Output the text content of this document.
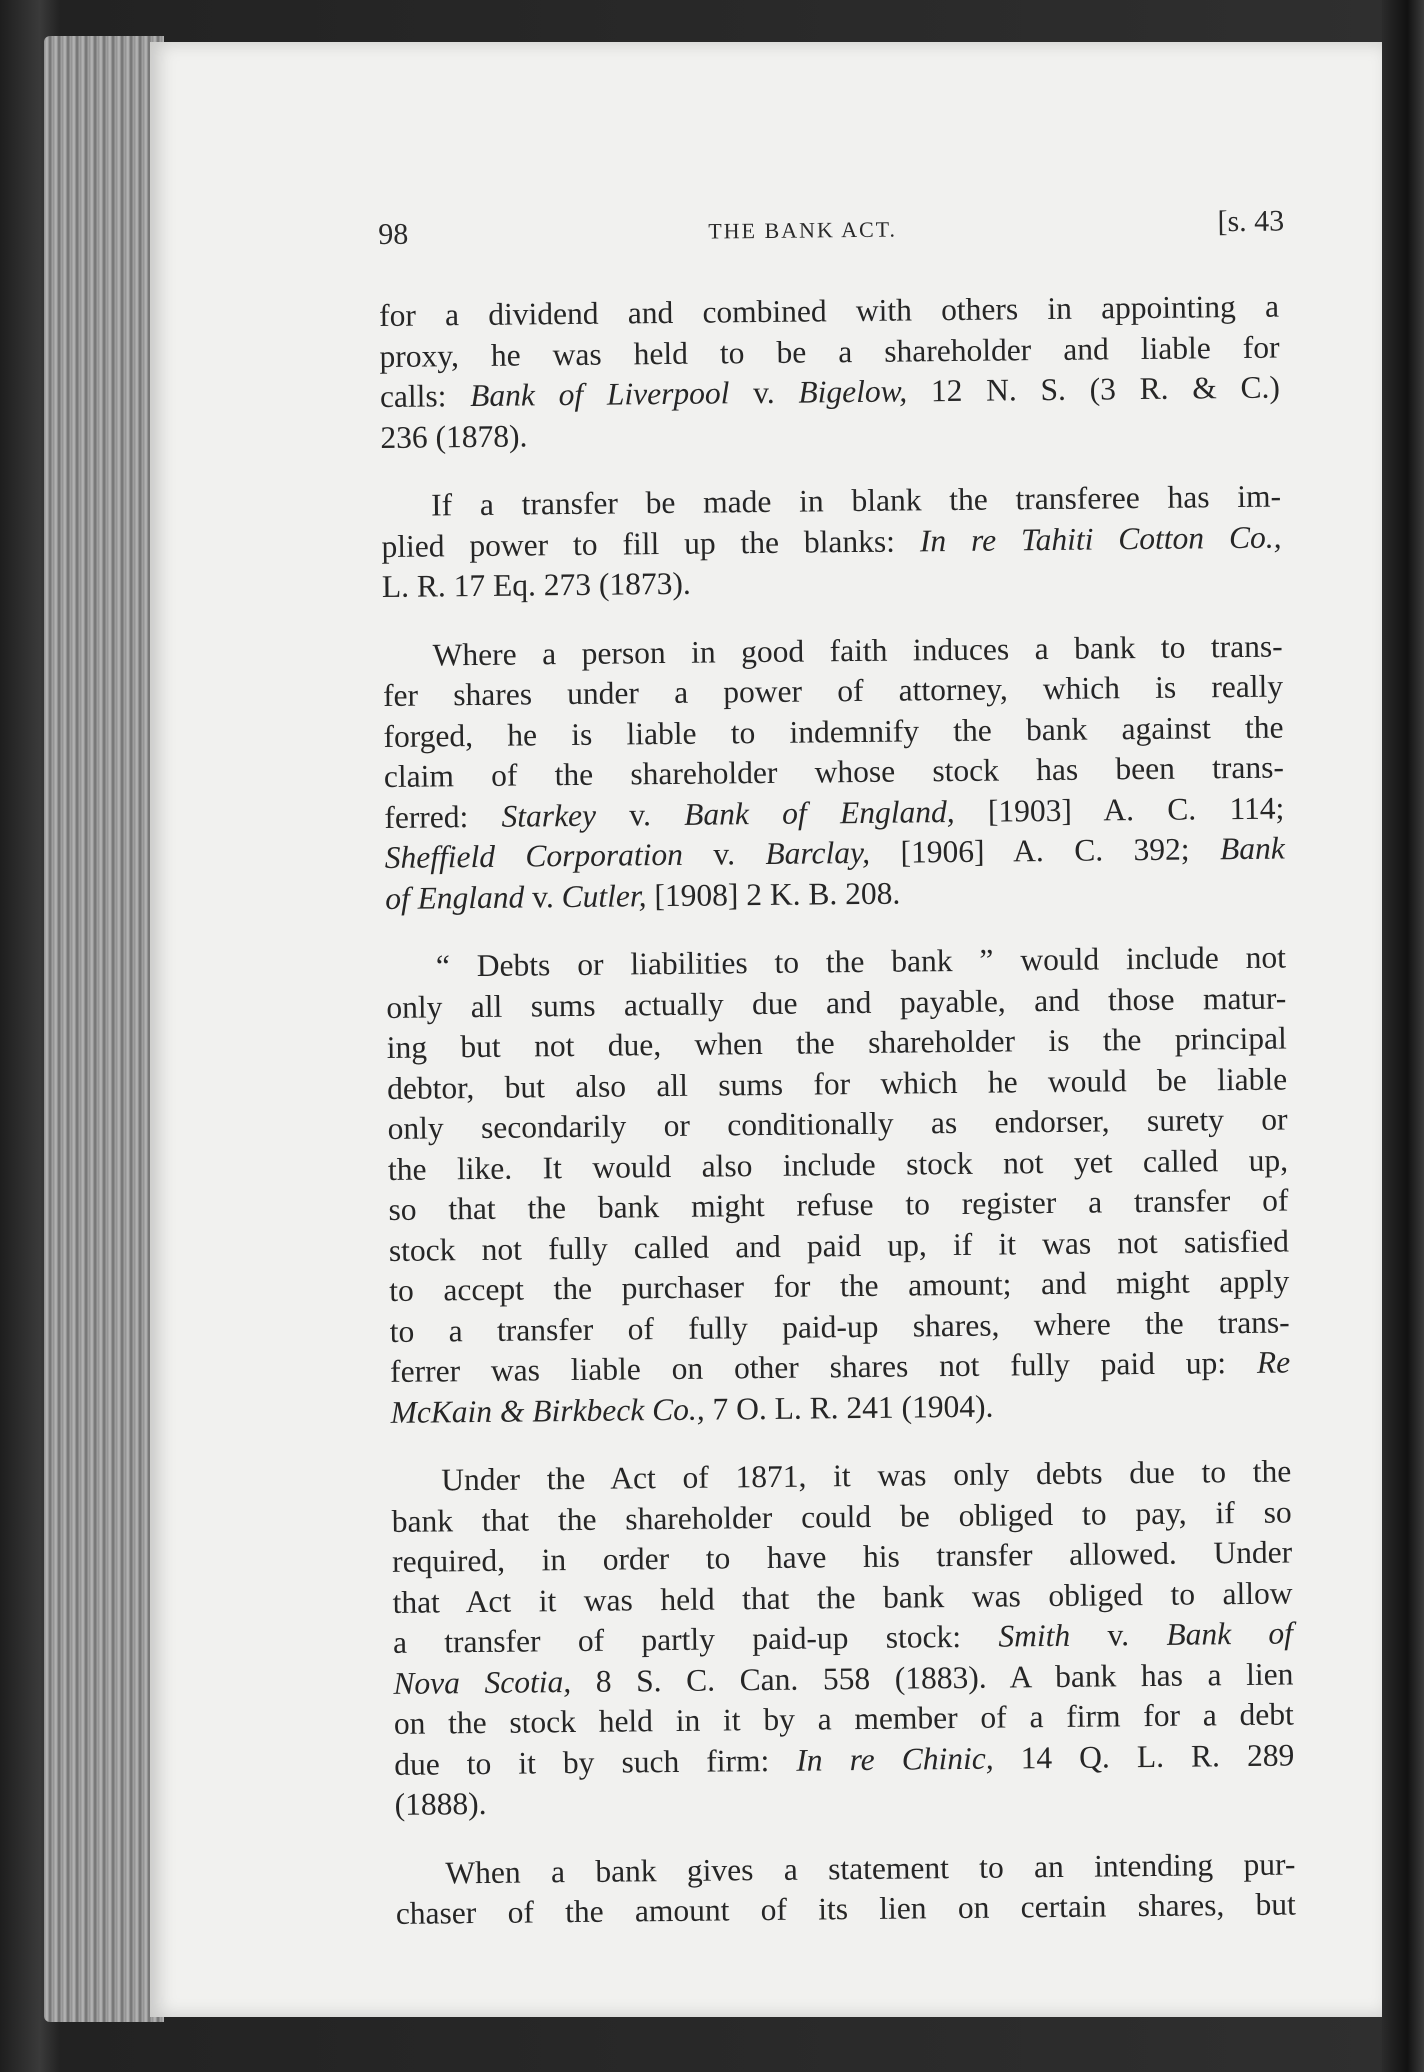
98	THE BANK ACT.	[s. 43
for a dividend and combined with others in appointing a
proxy, he was held to be a shareholder and liable for
calls: Bank of Liverpool v. Bigelow, 12 N. S. (3 R. & C.)
236 (1878).
If a transfer be made in blank the transferee has im-
plied power to fill up the blanks: In re Tahiti Cotton Co.,
L. R. 17 Eq. 273 (1873).
Where a person in good faith induces a bank to trans-
fer shares under a power of attorney, which is really
forged, he is liable to indemnify the bank against the
claim of the shareholder whose stock has been trans-
ferred: Starkey v. Bank of England, [1903] A. C. 114;
Sheffield Corporation v. Barclay, [1906] A. C. 392; Bank
of England v. Cutler, [1908] 2 K. B. 208.
“ Debts or liabilities to the bank ” would include not
only all sums actually due and payable, and those matur-
ing but not due, when the shareholder is the principal
debtor, but also all sums for which he would be liable
only secondarily or conditionally as endorser, surety or
the like. It would also include stock not yet called up,
so that the bank might refuse to register a transfer of
stock not fully called and paid up, if it was not satisfied
to accept the purchaser for the amount; and might apply
to a transfer of fully paid-up shares, where the trans-
ferrer was liable on other shares not fully paid up: Re
McKain & Birkbeck Co., 7 O. L. R. 241 (1904).
Under the Act of 1871, it was only debts due to the
bank that the shareholder could be obliged to pay, if so
required, in order to have his transfer allowed. Under
that Act it was held that the bank was obliged to allow
a transfer of partly paid-up stock: Smith v. Bank of
Nova Scotia, 8 S. C. Can. 558 (1883). A bank has a lien
on the stock held in it by a member of a firm for a debt
due to it by such firm: In re Chinic, 14 Q. L. R. 289
(1888).
When a bank gives a statement to an intending pur-
chaser of the amount of its lien on certain shares, but
